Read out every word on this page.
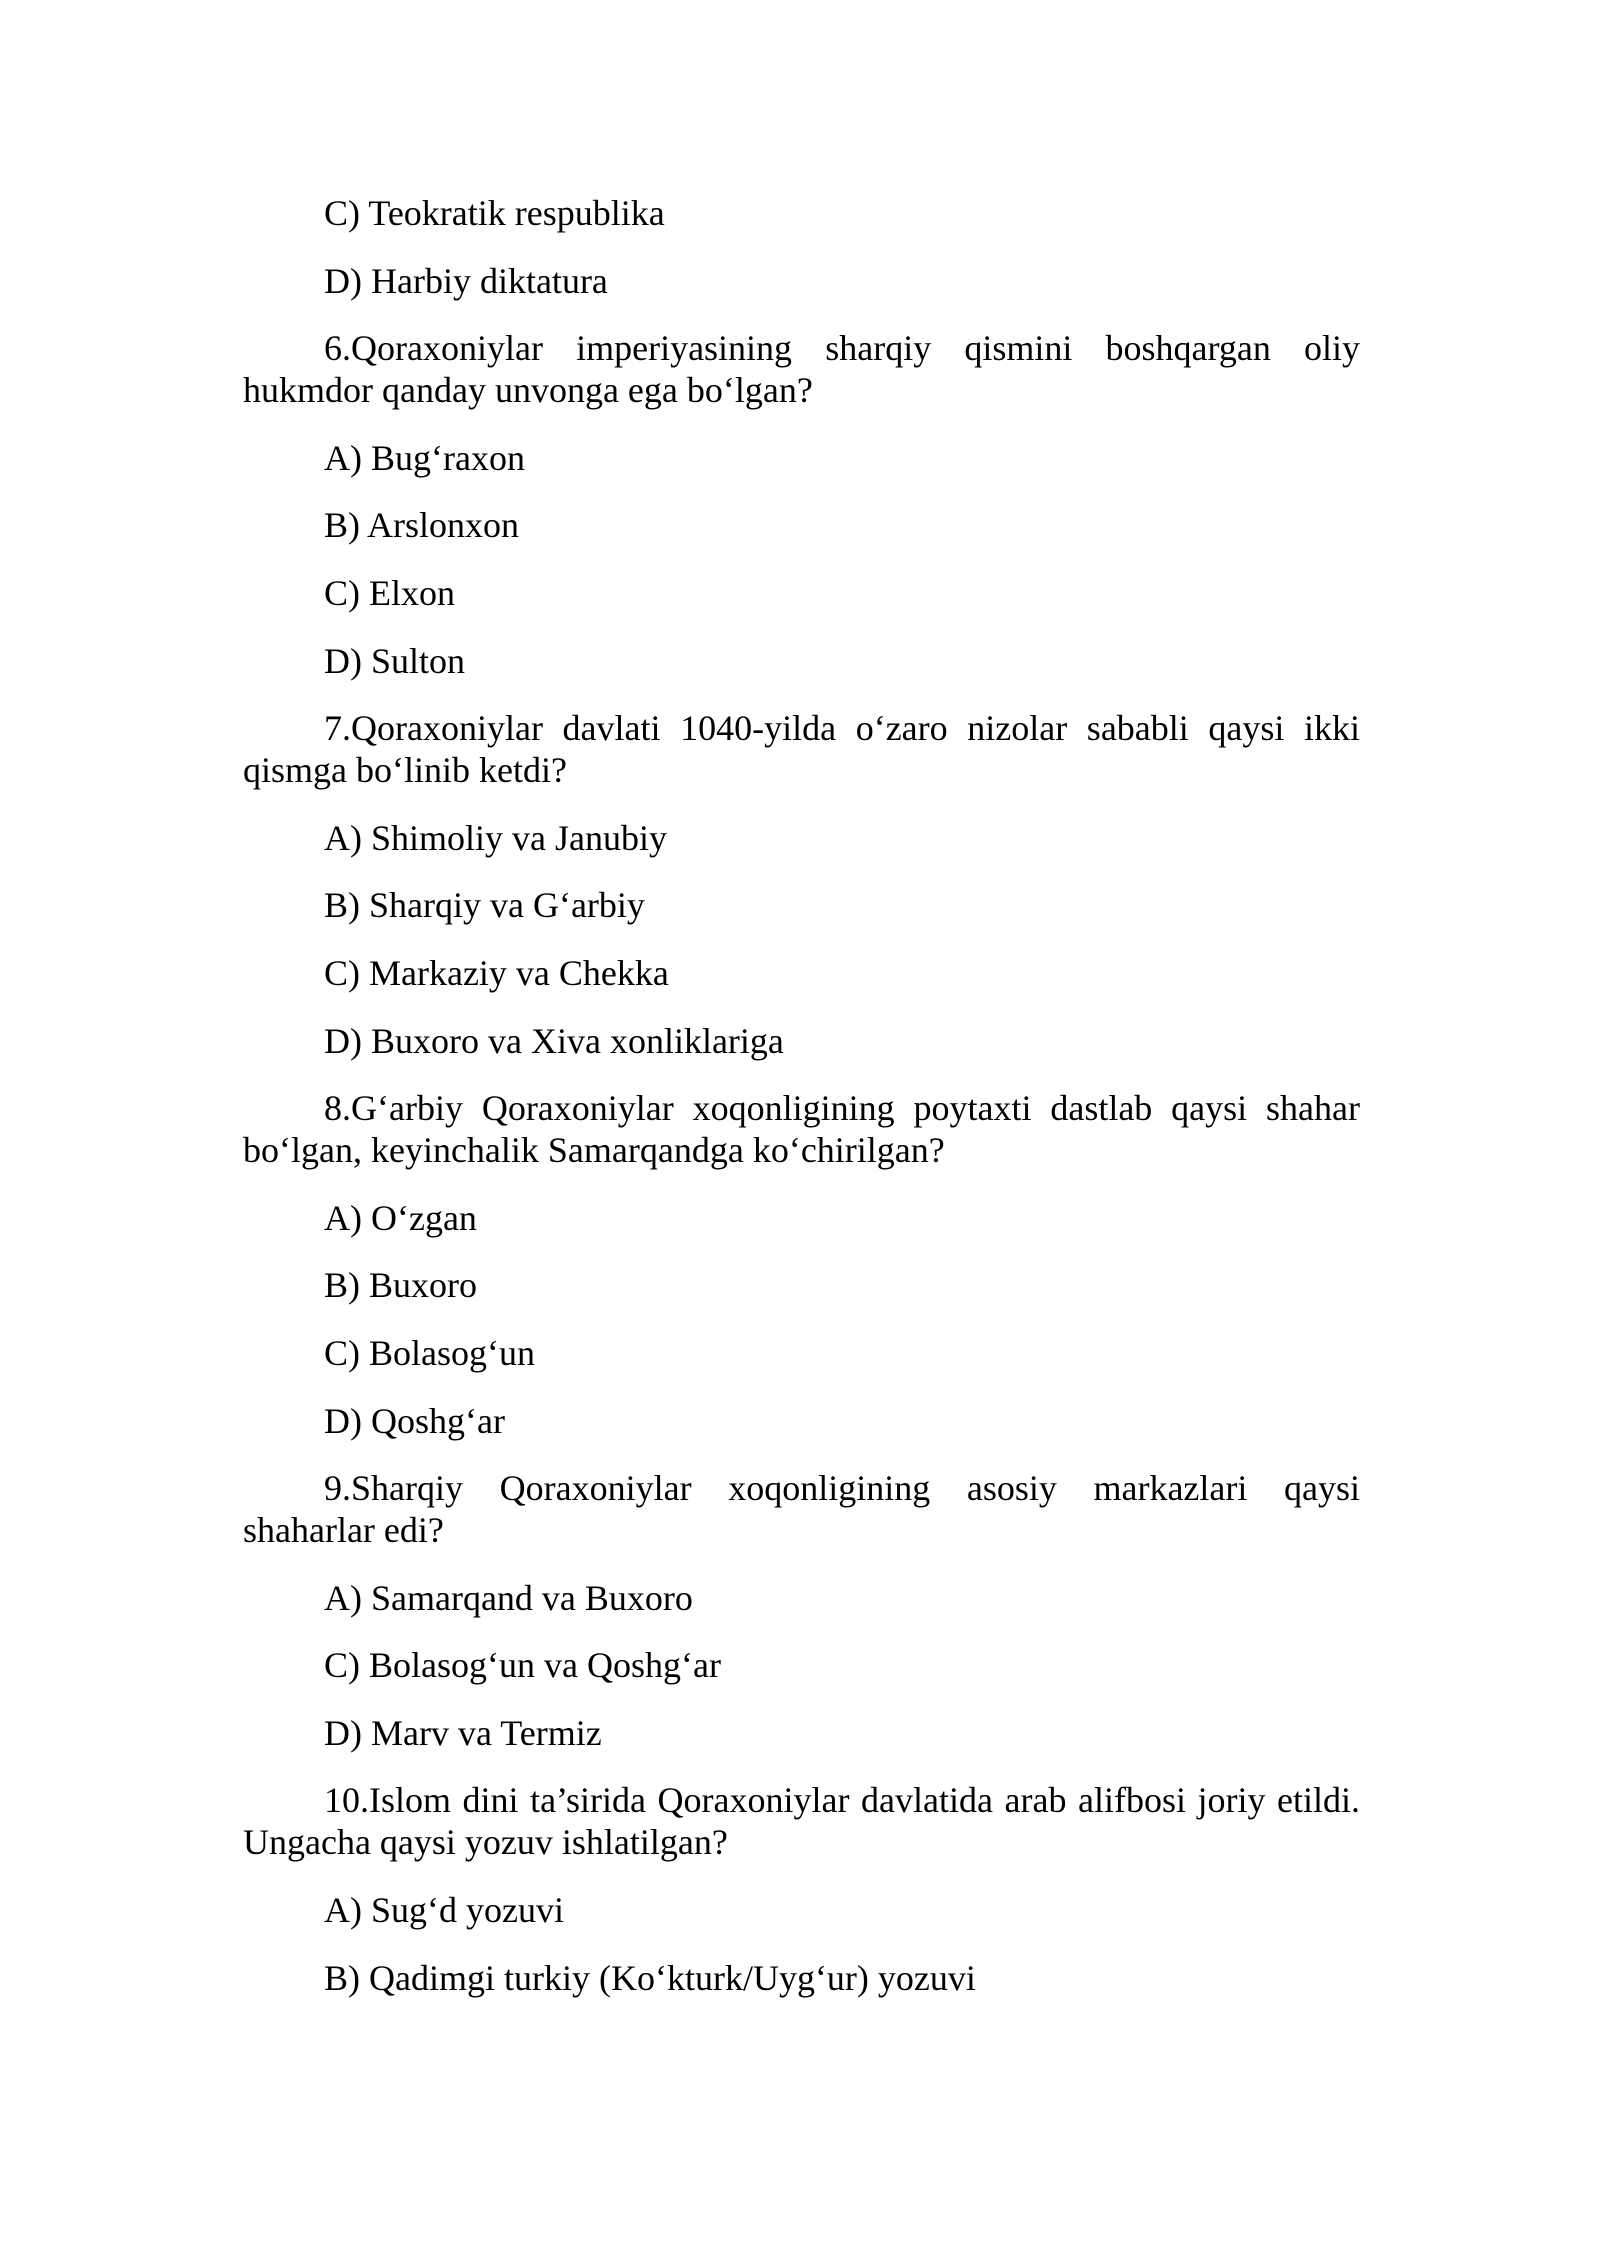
C) Teokratik respublika

D) Harbiy diktatura

6.Qoraxoniylar imperiyasining sharqiy qismini boshqargan oliy hukmdor qanday unvonga ega bo‘lgan?

A) Bug‘raxon

B) Arslonxon

C) Elxon

D) Sulton

7.Qoraxoniylar davlati 1040-yilda o‘zaro nizolar sababli qaysi ikki qismga bo‘linib ketdi?

A) Shimoliy va Janubiy

B) Sharqiy va G‘arbiy

C) Markaziy va Chekka

D) Buxoro va Xiva xonliklariga

8.G‘arbiy Qoraxoniylar xoqonligining poytaxti dastlab qaysi shahar bo‘lgan, keyinchalik Samarqandga ko‘chirilgan?

A) O‘zgan

B) Buxoro

C) Bolasog‘un

D) Qoshg‘ar

9.Sharqiy Qoraxoniylar xoqonligining asosiy markazlari qaysi shaharlar edi?

A) Samarqand va Buxoro

C) Bolasog‘un va Qoshg‘ar

D) Marv va Termiz

10.Islom dini ta’sirida Qoraxoniylar davlatida arab alifbosi joriy etildi. Ungacha qaysi yozuv ishlatilgan?

A) Sug‘d yozuvi

B) Qadimgi turkiy (Ko‘kturk/Uyg‘ur) yozuvi
